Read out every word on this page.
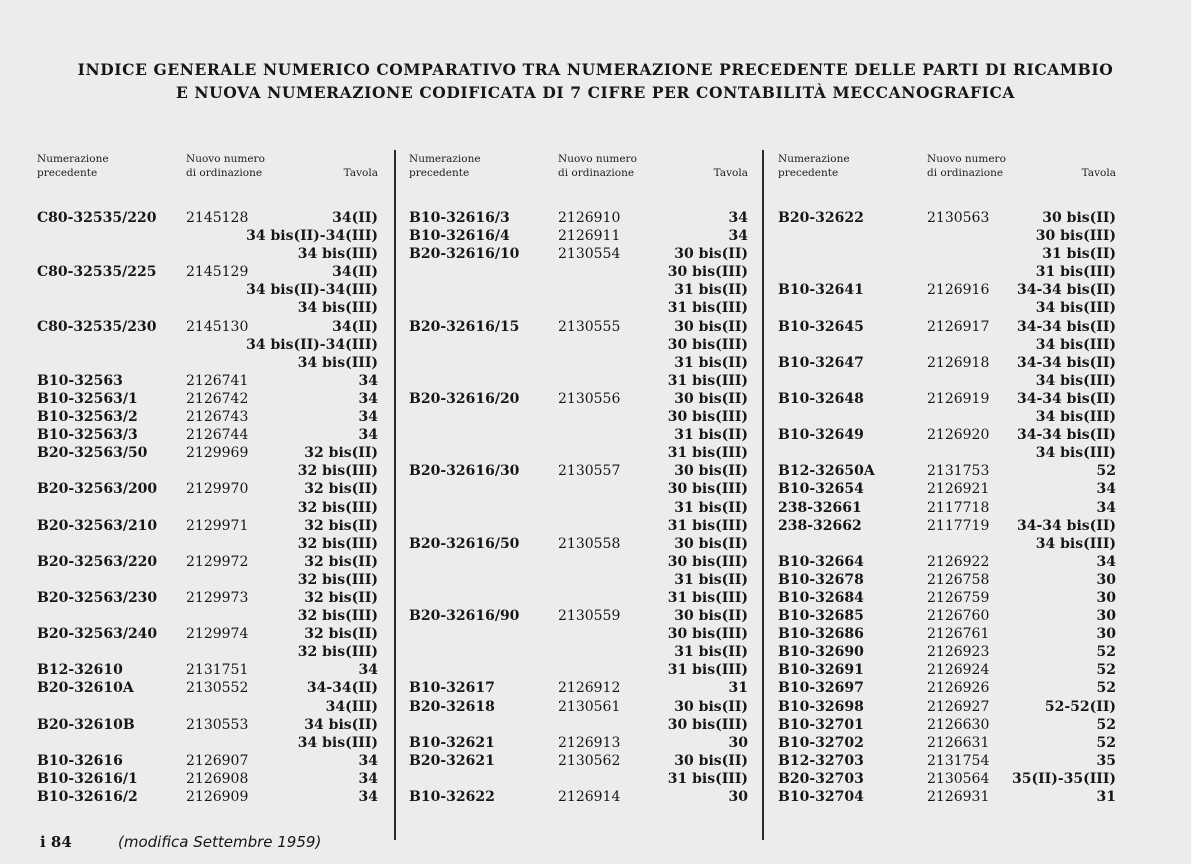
INDICE GENERALE NUMERICO COMPARATIVO TRA NUMERAZIONE PRECEDENTE DELLE PARTI DI RICAMBIO
E NUOVA NUMERAZIONE CODIFICATA DI 7 CIFRE PER CONTABILITÀ MECCANOGRAFICA
Numerazione
precedente
Nuovo numero
di ordinazione	Tavola
C80-32535/220 2145128	34(II)
34 bis(II)-34(III)
34 bis(III)
C80-32535/225 2145129	34(II)
34 bis(II)-34(III)
34 bis(III)
C80-32535/230 2145130	34(II)
34 bis(II)-34(III)
34 bis(III)
B10-32563	2126741	34
B10-32563/1	2126742	34
B10-32563/2	2126743	34
B10-32563/3	2126744	34
B20-32563/50	2129969	32 bis(II)
32 bis(III)
B20-32563/200 2129970	32 bis(II)
32 bis(III)
B20-32563/210 2129971	32 bis(II)
32 bis(III)
B20-32563/220 2129972	32 bis(II)
32 bis(III)
B20-32563/230 2129973	32 bis(II)
32 bis(III)
B20-32563/240 2129974	32 bis(II)
32 bis(III)
B12-32610	2131751	34
B20-32610A	2130552	34-34(II)
34(III)
B20-32610B	2130553	34 bis(II)
34 bis(III)
B10-32616	2126907	34
B10-32616/1	2126908	34
B10-32616/2	2126909	34
Numerazione
precedente
Nuovo numero
di ordinazione	Tavola
B10-32616/3	2126910	34
B10-32616/4	2126911	34
B20-32616/10	2130554	30 bis(II)
30 bis(III)
31 bis(II)
31 bis(III)
B20-32616/15	2130555	30 bis(II)
30 bis(III)
31 bis(II)
31 bis(III)
B20-32616/20	2130556	30 bis(II)
30 bis(III)
31 bis(II)
31 bis(III)
B20-32616/30	2130557	30 bis(II)
30 bis(III)
31 bis(II)
31 bis(III)
B20-32616/50	2130558	30 bis(II)
30 bis(III)
31 bis(II)
31 bis(III)
B20-32616/90	2130559	30 bis(II)
30 bis(III)
31 bis(II)
31 bis(III)
B10-32617	2126912	31
B20-32618	2130561	30 bis(II)
30 bis(III)
B10-32621	2126913	30
B20-32621	2130562	30 bis(II)
31 bis(III)
B10-32622	2126914	30
Numerazione
precedente
Nuovo numero
di ordinazione	Tavola
B20-32622	2130563	30 bis(II)
30 bis(III)
31 bis(II)
31 bis(III)
B10-32641	2126916 34-34 bis(II)
34 bis(III)
B10-32645	2126917 34-34 bis(II)
34 bis(III)
B10-32647	2126918 34-34 bis(II)
34 bis(III)
B10-32648	2126919 34-34 bis(II)
34 bis(III)
B10-32649	2126920 34-34 bis(II)
34 bis(III)
B12-32650A	2131753	52
B10-32654	2126921	34
238-32661	2117718	34
238-32662	2117719 34-34 bis(II)
34 bis(III)
B10-32664	2126922	34
B10-32678	2126758	30
B10-32684	2126759	30
B10-32685	2126760	30
B10-32686	2126761	30
B10-32690	2126923	52
B10-32691	2126924	52
B10-32697	2126926	52
B10-32698	2126927	52-52(II)
B10-32701	2126630	52
B10-32702	2126631	52
B12-32703	2131754	35
B20-32703	2130564 35(II)-35(III)
B10-32704	2126931	31
i 84	(modifica Settembre 1959)
